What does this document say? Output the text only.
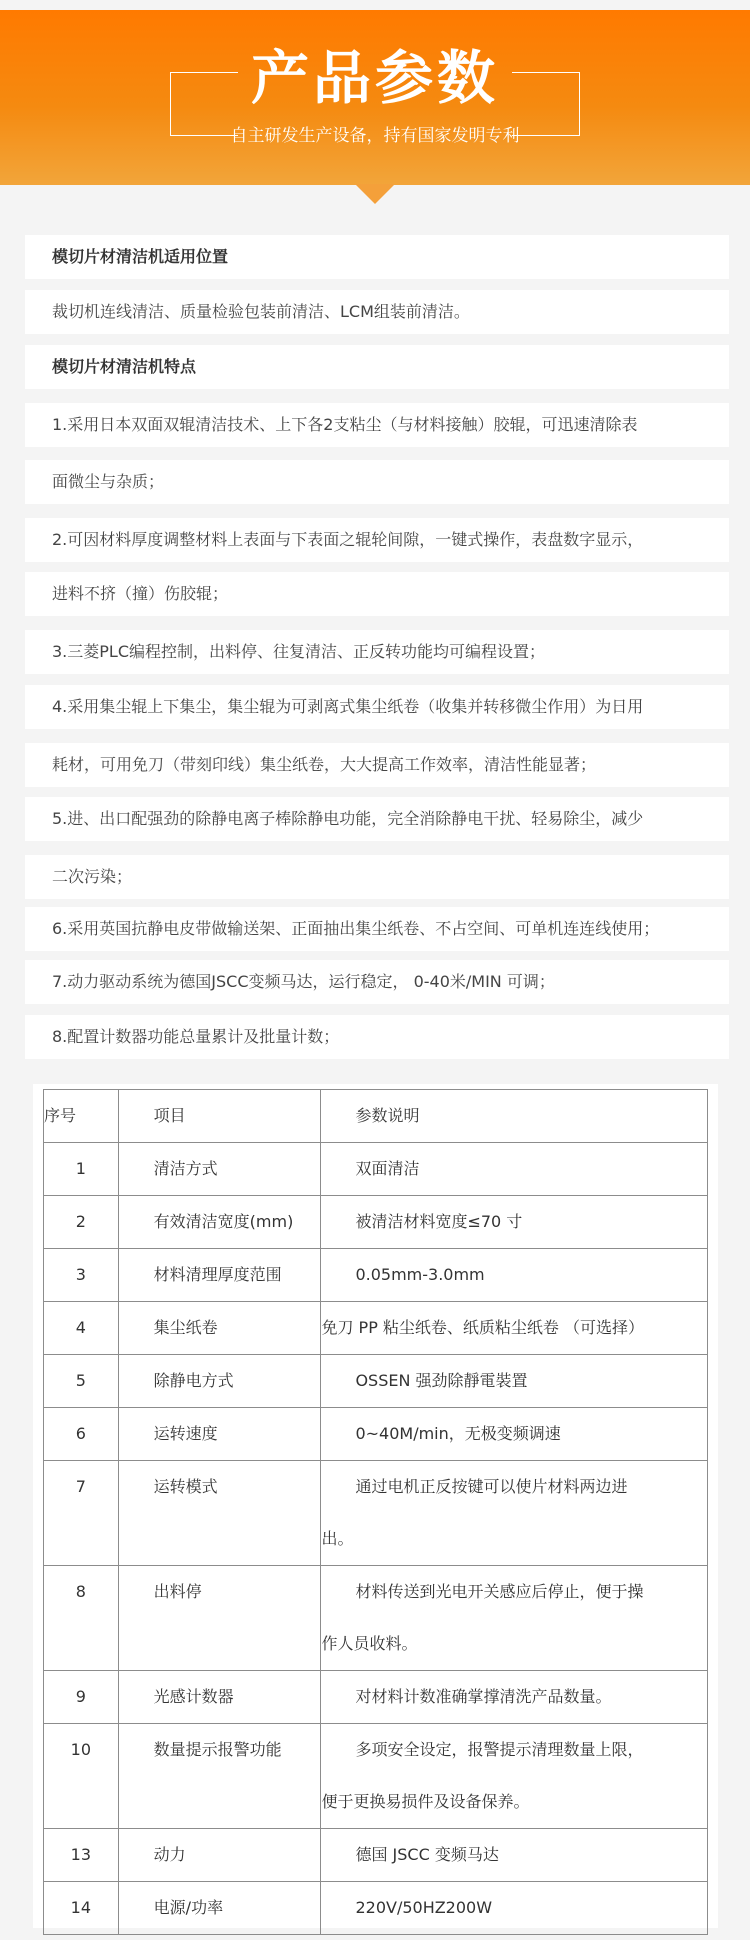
产品参数
自主研发生产设备，持有国家发明专利
模切片材清洁机适用位置
裁切机连线清洁、质量检验包装前清洁、LCM组装前清洁。
模切片材清洁机特点
1.采用日本双面双辊清洁技术、上下各2支粘尘（与材料接触）胶辊，可迅速清除表
面微尘与杂质；
2.可因材料厚度调整材料上表面与下表面之辊轮间隙，一键式操作，表盘数字显示，
进料不挤（撞）伤胶辊；
3.三菱PLC编程控制，出料停、往复清洁、正反转功能均可编程设置；
4.采用集尘辊上下集尘，集尘辊为可剥离式集尘纸卷（收集并转移微尘作用）为日用
耗材，可用免刀（带刻印线）集尘纸卷，大大提高工作效率，清洁性能显著；
5.进、出口配强劲的除静电离子棒除静电功能，完全消除静电干扰、轻易除尘，减少
二次污染；
6.采用英国抗静电皮带做输送架、正面抽出集尘纸卷、不占空间、可单机连连线使用；
7.动力驱动系统为德国JSCC变频马达，运行稳定， 0-40米/MIN 可调；
8.配置计数器功能总量累计及批量计数；
序号	项目	参数说明

1	清洁方式	双面清洁

2	有效清洁宽度(mm)	被清洁材料宽度≤70 寸

3	材料清理厚度范围	0.05mm-3.0mm

4	集尘纸卷	免刀 PP 粘尘纸卷、纸质粘尘纸卷 （可选择）

5	除静电方式	OSSEN 强劲除靜電裝置

6	运转速度	0~40M/min，无极变频调速

7	运转模式	通过电机正反按键可以使片材料两边进
出。

8	出料停	材料传送到光电开关感应后停止，便于操
作人员收料。

9	光感计数器	对材料计数准确掌撑清洗产品数量。

10	数量提示报警功能	多项安全设定，报警提示清理数量上限，
便于更换易损件及设备保养。

13	动力	德国 JSCC 变频马达

14	电源/功率	220V/50HZ200W
